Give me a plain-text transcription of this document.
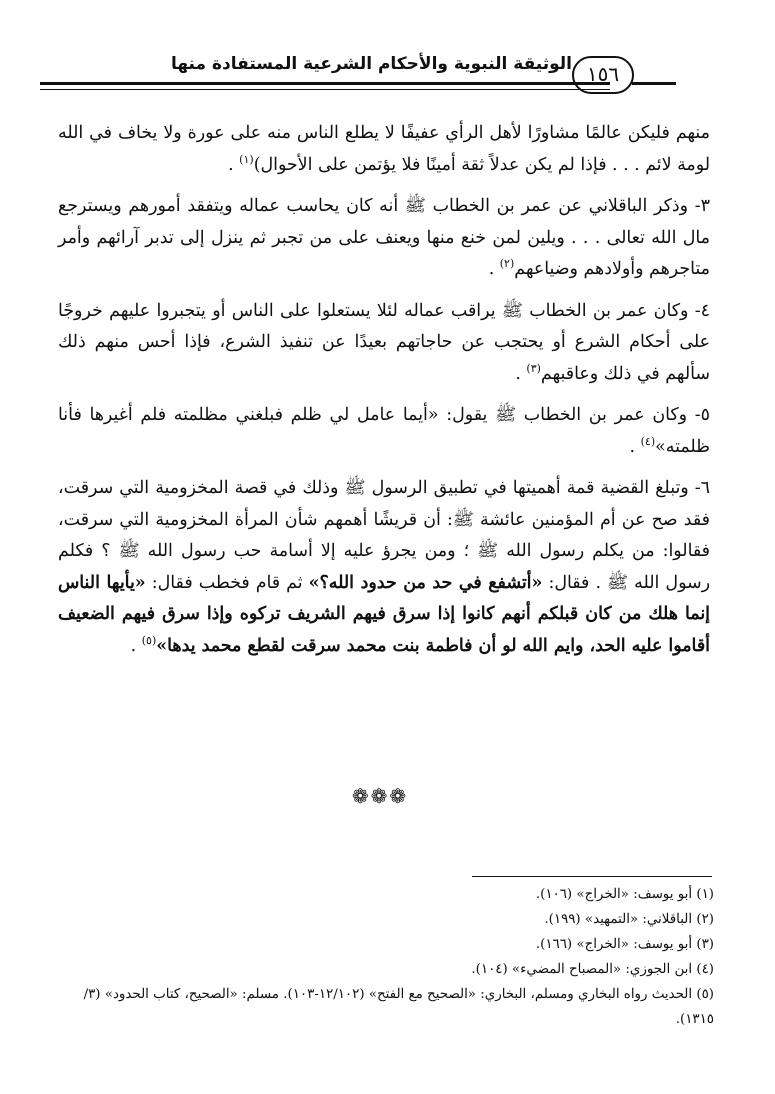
الوثيقة النبوية والأحكام الشرعية المستفادة منها ١٥٦

منهم فليكن عالمًا مشاورًا لأهل الرأي عفيفًا لا يطلع الناس منه على عورة ولا يخاف في الله لومة لائم . . . فإذا لم يكن عدلاً ثقة أمينًا فلا يؤتمن على الأحوال)$^{(١)}$ .

٣- وذكر الباقلاني عن عمر بن الخطاب ﷺ أنه كان يحاسب عماله ويتفقد أمورهم ويسترجع مال الله تعالى . . . ويلين لمن خنع منها ويعنف على من تجبر ثم ينزل إلى تدبر آرائهم وأمر متاجرهم وأولادهم وضياعهم$^{(٢)}$ .

٤- وكان عمر بن الخطاب ﷺ يراقب عماله لئلا يستعلوا على الناس أو يتجبروا عليهم خروجًا على أحكام الشرع أو يحتجب عن حاجاتهم بعيدًا عن تنفيذ الشرع، فإذا أحس منهم ذلك سألهم في ذلك وعاقبهم$^{(٣)}$ .

٥- وكان عمر بن الخطاب ﷺ يقول: «أيما عامل لي ظلم فبلغني مظلمته فلم أغيرها فأنا ظلمته»$^{(٤)}$ .

٦- وتبلغ القضية قمة أهميتها في تطبيق الرسول ﷺ وذلك في قصة المخزومية التي سرقت، فقد صح عن أم المؤمنين عائشة ﷺ: أن قريشًا أهمهم شأن المرأة المخزومية التي سرقت، فقالوا: من يكلم رسول الله ﷺ ؛ ومن يجرؤ عليه إلا أسامة حب رسول الله ﷺ ؟ فكلم رسول الله ﷺ . فقال: «أتشفع في حد من حدود الله؟» ثم قام فخطب فقال: «يأيها الناس إنما هلك من كان قبلكم أنهم كانوا إذا سرق فيهم الشريف تركوه وإذا سرق فيهم الضعيف أقاموا عليه الحد، وايم الله لو أن فاطمة بنت محمد سرقت لقطع محمد يدها»$^{(٥)}$ .

❁❁❁
(١) أبو يوسف: «الخراج» (١٠٦).
(٢) الباقلاني: «التمهيد» (١٩٩).
(٣) أبو يوسف: «الخراج» (١٦٦).
(٤) ابن الجوزي: «المصباح المضيء» (١٠٤).
(٥) الحديث رواه البخاري ومسلم، البخاري: «الصحيح مع الفتح» (١٢/١٠٢-١٠٣). مسلم: «الصحيح، كتاب الحدود» (٣/ ١٣١٥).
